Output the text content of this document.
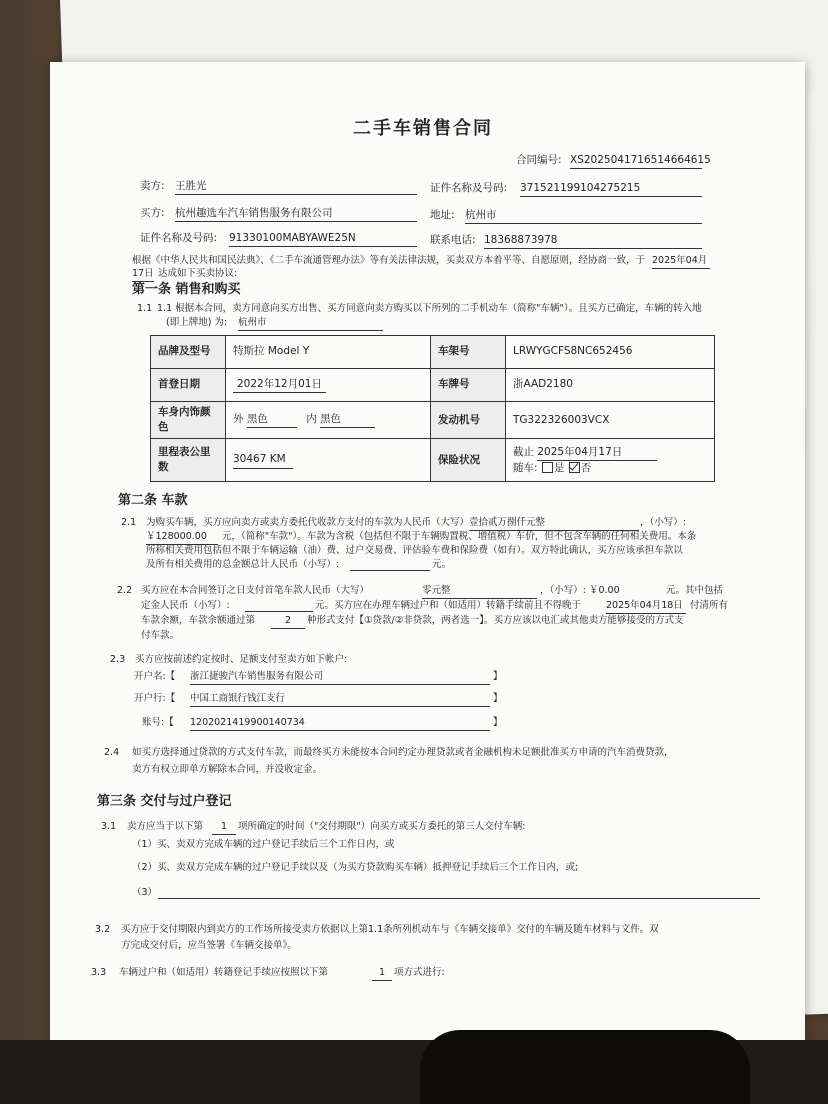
二手车销售合同
合同编号: XS2025041716514664615
卖方: 王胜光	证件名称及号码: 371521199104275215
买方: 杭州趣选车汽车销售服务有限公司	地址: 杭州市
证件名称及号码: 91330100MABYAWE25N	联系电话: 18368873978
根据《中华人民共和国民法典》、《二手车流通管理办法》等有关法律法规，买卖双方本着平等、自愿原则，经协商一致，于 2025年04月
17日 达成如下买卖协议:
第一条 销售和购买
1.1 1.1 根据本合同，卖方同意向买方出售、买方同意向卖方购买以下所列的二手机动车（简称"车辆"）。且买方已确定，车辆的转入地
(即上牌地) 为: 杭州市
品牌及型号	特斯拉 Model Y	车架号	LRWYGCFS8NC652456
首登日期	2022年12月01日	车牌号	浙AAD2180
车身内饰颜
色	外 黑色 内 黑色	发动机号	TG322326003VCX
里程表公里
数	30467 KM	保险状况	截止 2025年04月17日
随车: 是 否
第二条 车款
2.1 为购买车辆，买方应向卖方或卖方委托代收款方支付的车款为人民币（大写） 壹拾贰万捌仟元整	，（小写）:
￥128000.00	元，（简称"车款"）。车款为含税（包括但不限于车辆购置税、增值税）车价，但不包含车辆的任何相关费用。本条
所称相关费用包括但不限于车辆运输（油）费、过户交易费、评估验车费和保险费（如有）。双方特此确认，买方应该承担车款以
及所有相关费用的总金额总计人民币（小写）:	元。
2.2 买方应在本合同签订之日支付首笔车款人民币（大写）	零元整	，（小写）: ￥0.00	元。其中包括
定金人民币（小写）:	元。买方应在办理车辆过户和（如适用）转籍手续前且不得晚于	2025年04月18日 付清所有
车款余额，车款余额通过第	2	种形式支付【①贷款/②非贷款，两者选一】。买方应该以电汇或其他卖方能够接受的方式支
付车款。
2.3 买方应按前述约定按时、足额支付至卖方如下帐户:
开户名:【 浙江捷骏汽车销售服务有限公司	】
开户行:【 中国工商银行钱江支行	】
账号:【 1202021419900140734	】
2.4 如买方选择通过贷款的方式支付车款，而最终买方未能按本合同约定办理贷款或者金融机构未足额批准买方申请的汽车消费贷款，
卖方有权立即单方解除本合同，并没收定金。
第三条 交付与过户登记
3.1 卖方应当于以下第	1	项所确定的时间（"交付期限"）向买方或买方委托的第三人交付车辆:
（1）买、卖双方完成车辆的过户登记手续后三个工作日内，或
（2）买、卖双方完成车辆的过户登记手续以及（为买方贷款购买车辆）抵押登记手续后三个工作日内，或;
（3）
3.2 买方应于交付期限内到卖方的工作场所接受卖方依据以上第1.1条所列机动车与《车辆交接单》交付的车辆及随车材料与文件。双
方完成交付后，应当签署《车辆交接单》。
3.3 车辆过户和（如适用）转籍登记手续应按照以下第	1 项方式进行:
